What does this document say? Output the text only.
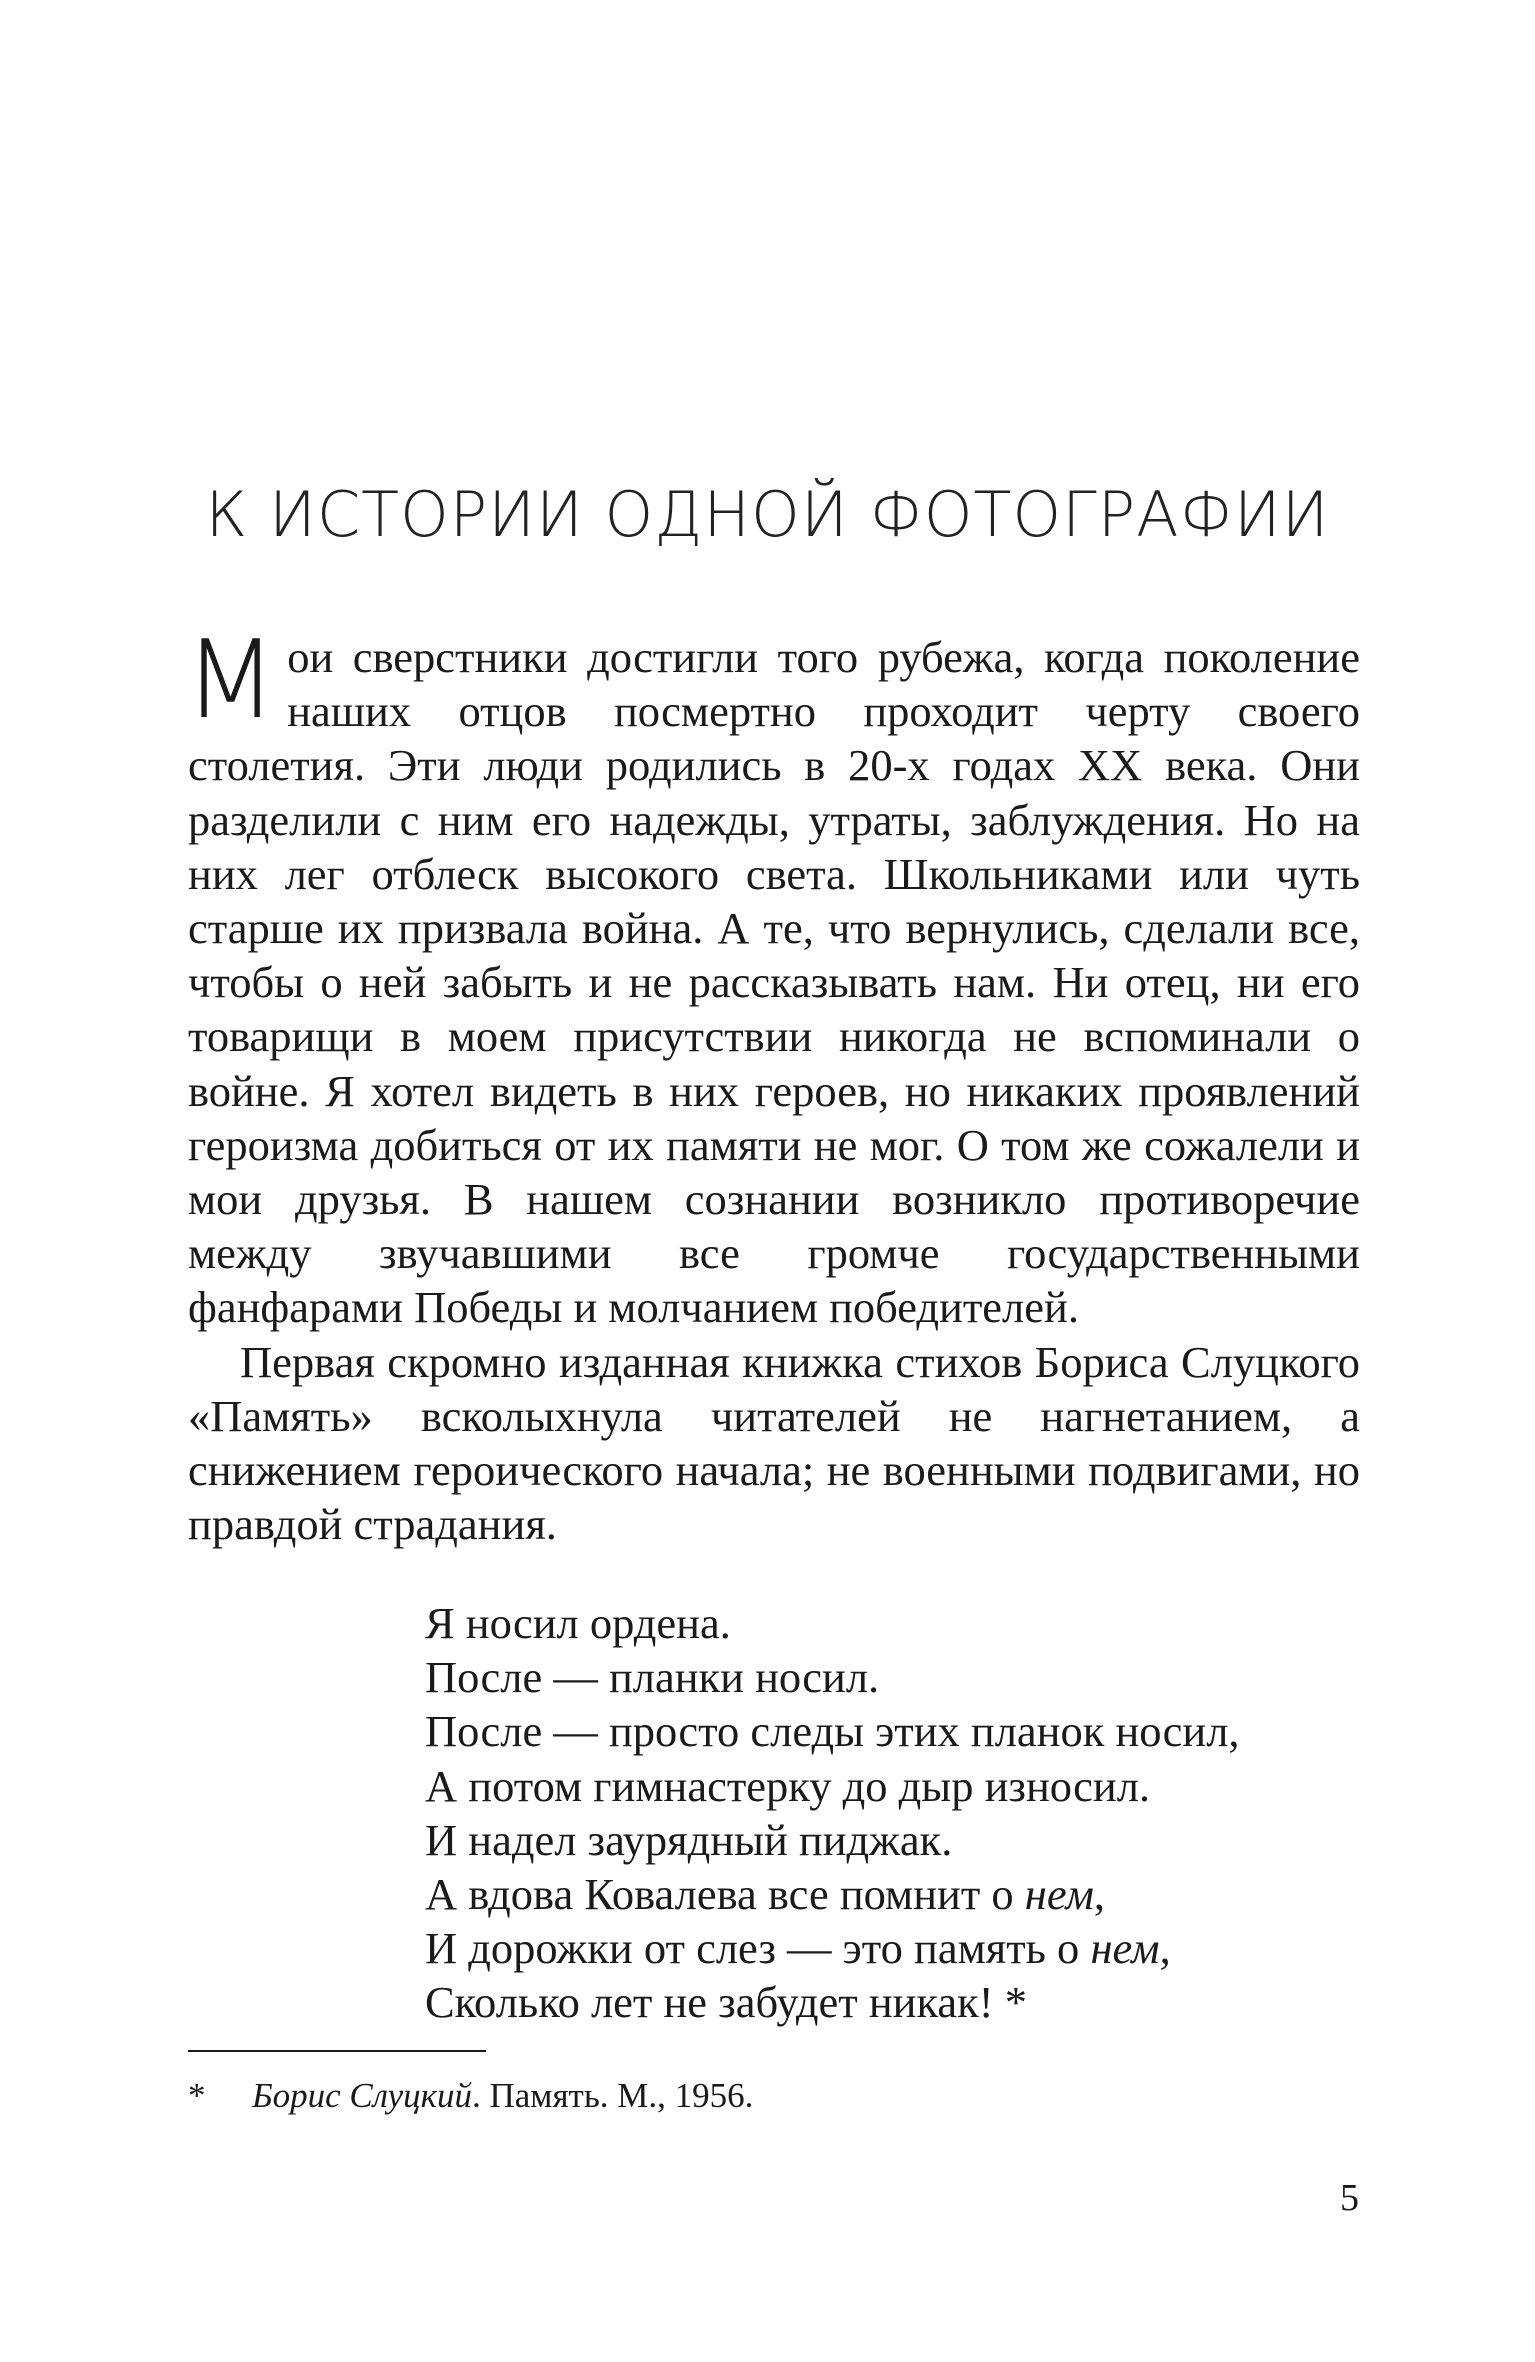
К ИСТОРИИ ОДНОЙ ФОТОГРАФИИ

Мои сверстники достигли того рубежа, когда поколение наших отцов посмертно проходит черту своего столетия. Эти люди родились в 20-х годах XX века. Они разделили с ним его надежды, утраты, заблуждения. Но на них лег отблеск высокого света. Школьниками или чуть старше их призвала война. А те, что вернулись, сделали все, чтобы о ней забыть и не рассказывать нам. Ни отец, ни его товарищи в моем присутствии никогда не вспоминали о войне. Я хотел видеть в них героев, но никаких проявлений героизма добиться от их памяти не мог. О том же сожалели и мои друзья. В нашем сознании возникло противоречие между звучавшими все громче государственными фанфарами Победы и молчанием победителей.

Первая скромно изданная книжка стихов Бориса Слуцкого «Память» всколыхнула читателей не нагнетанием, а снижением героического начала; не военными подвигами, но правдой страдания.

Я носил ордена.
После — планки носил.
После — просто следы этих планок носил,
А потом гимнастерку до дыр износил.
И надел заурядный пиджак.
А вдова Ковалева все помнит о нем,
И дорожки от слез — это память о нем,
Сколько лет не забудет никак! *
* Борис Слуцкий. Память. М., 1956.
5
